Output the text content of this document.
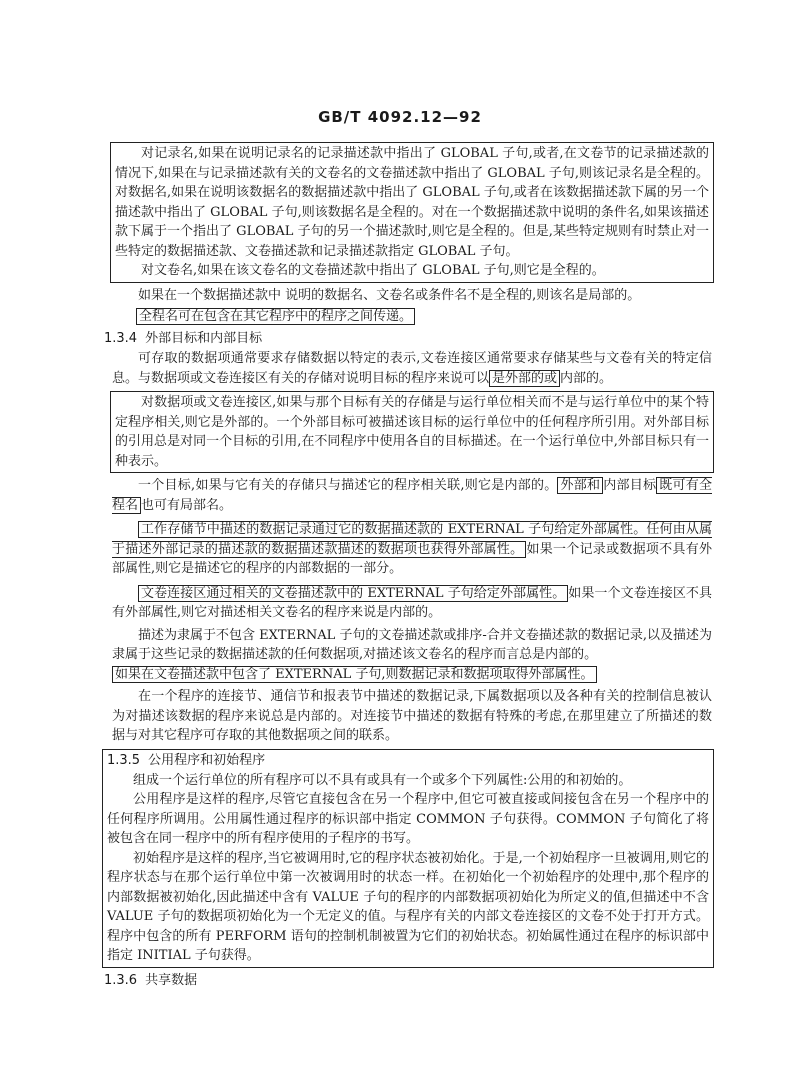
GB/T 4092.12—92

对记录名,如果在说明记录名的记录描述款中指出了 GLOBAL 子句,或者,在文卷节的记录描述款的情况下,如果在与记录描述款有关的文卷名的文卷描述款中指出了 GLOBAL 子句,则该记录名是全程的。对数据名,如果在说明该数据名的数据描述款中指出了 GLOBAL 子句,或者在该数据描述款下属的另一个描述款中指出了 GLOBAL 子句,则该数据名是全程的。对在一个数据描述款中说明的条件名,如果该描述款下属于一个指出了 GLOBAL 子句的另一个描述款时,则它是全程的。但是,某些特定规则有时禁止对一些特定的数据描述款、文卷描述款和记录描述款指定 GLOBAL 子句。

对文卷名,如果在该文卷名的文卷描述款中指出了 GLOBAL 子句,则它是全程的。

如果在一个数据描述款中 说明的数据名、文卷名或条件名不是全程的,则该名是局部的。

全程名可在包含在其它程序中的程序之间传递。
1.3.4 外部目标和内部目标

可存取的数据项通常要求存储数据以特定的表示,文卷连接区通常要求存储某些与文卷有关的特定信息。与数据项或文卷连接区有关的存储对说明目标的程序来说可以 是外部的或 内部的。

对数据项或文卷连接区,如果与那个目标有关的存储是与运行单位相关而不是与运行单位中的某个特定程序相关,则它是外部的。一个外部目标可被描述该目标的运行单位中的任何程序所引用。对外部目标的引用总是对同一个目标的引用,在不同程序中使用各自的目标描述。在一个运行单位中,外部目标只有一种表示。

一个目标,如果与它有关的存储只与描述它的程序相关联,则它是内部的。 外部和 内部目标 既可有全程名 也可有局部名。

工作存储节中描述的数据记录通过它的数据描述款的 EXTERNAL 子句给定外部属性。任何由从属于描述外部记录的描述款的数据描述款描述的数据项也获得外部属性。 如果一个记录或数据项不具有外部属性,则它是描述它的程序的内部数据的一部分。

文卷连接区通过相关的文卷描述款中的 EXTERNAL 子句给定外部属性。 如果一个文卷连接区不具有外部属性,则它对描述相关文卷名的程序来说是内部的。

描述为隶属于不包含 EXTERNAL 子句的文卷描述款或排序-合并文卷描述款的数据记录,以及描述为隶属于这些记录的数据描述款的任何数据项,对描述该文卷名的程序而言总是内部的。

如果在文卷描述款中包含了 EXTERNAL 子句,则数据记录和数据项取得外部属性。

在一个程序的连接节、通信节和报表节中描述的数据记录,下属数据项以及各种有关的控制信息被认为对描述该数据的程序来说总是内部的。对连接节中描述的数据有特殊的考虑,在那里建立了所描述的数据与对其它程序可存取的其他数据项之间的联系。

1.3.5 公用程序和初始程序

组成一个运行单位的所有程序可以不具有或具有一个或多个下列属性:公用的和初始的。

公用程序是这样的程序,尽管它直接包含在另一个程序中,但它可被直接或间接包含在另一个程序中的任何程序所调用。公用属性通过程序的标识部中指定 COMMON 子句获得。COMMON 子句简化了将被包含在同一程序中的所有程序使用的子程序的书写。

初始程序是这样的程序,当它被调用时,它的程序状态被初始化。于是,一个初始程序一旦被调用,则它的程序状态与在那个运行单位中第一次被调用时的状态一样。在初始化一个初始程序的处理中,那个程序的内部数据被初始化,因此描述中含有 VALUE 子句的程序的内部数据项初始化为所定义的值,但描述中不含 VALUE 子句的数据项初始化为一个无定义的值。与程序有关的内部文卷连接区的文卷不处于打开方式。程序中包含的所有 PERFORM 语句的控制机制被置为它们的初始状态。初始属性通过在程序的标识部中指定 INITIAL 子句获得。

1.3.6 共享数据
